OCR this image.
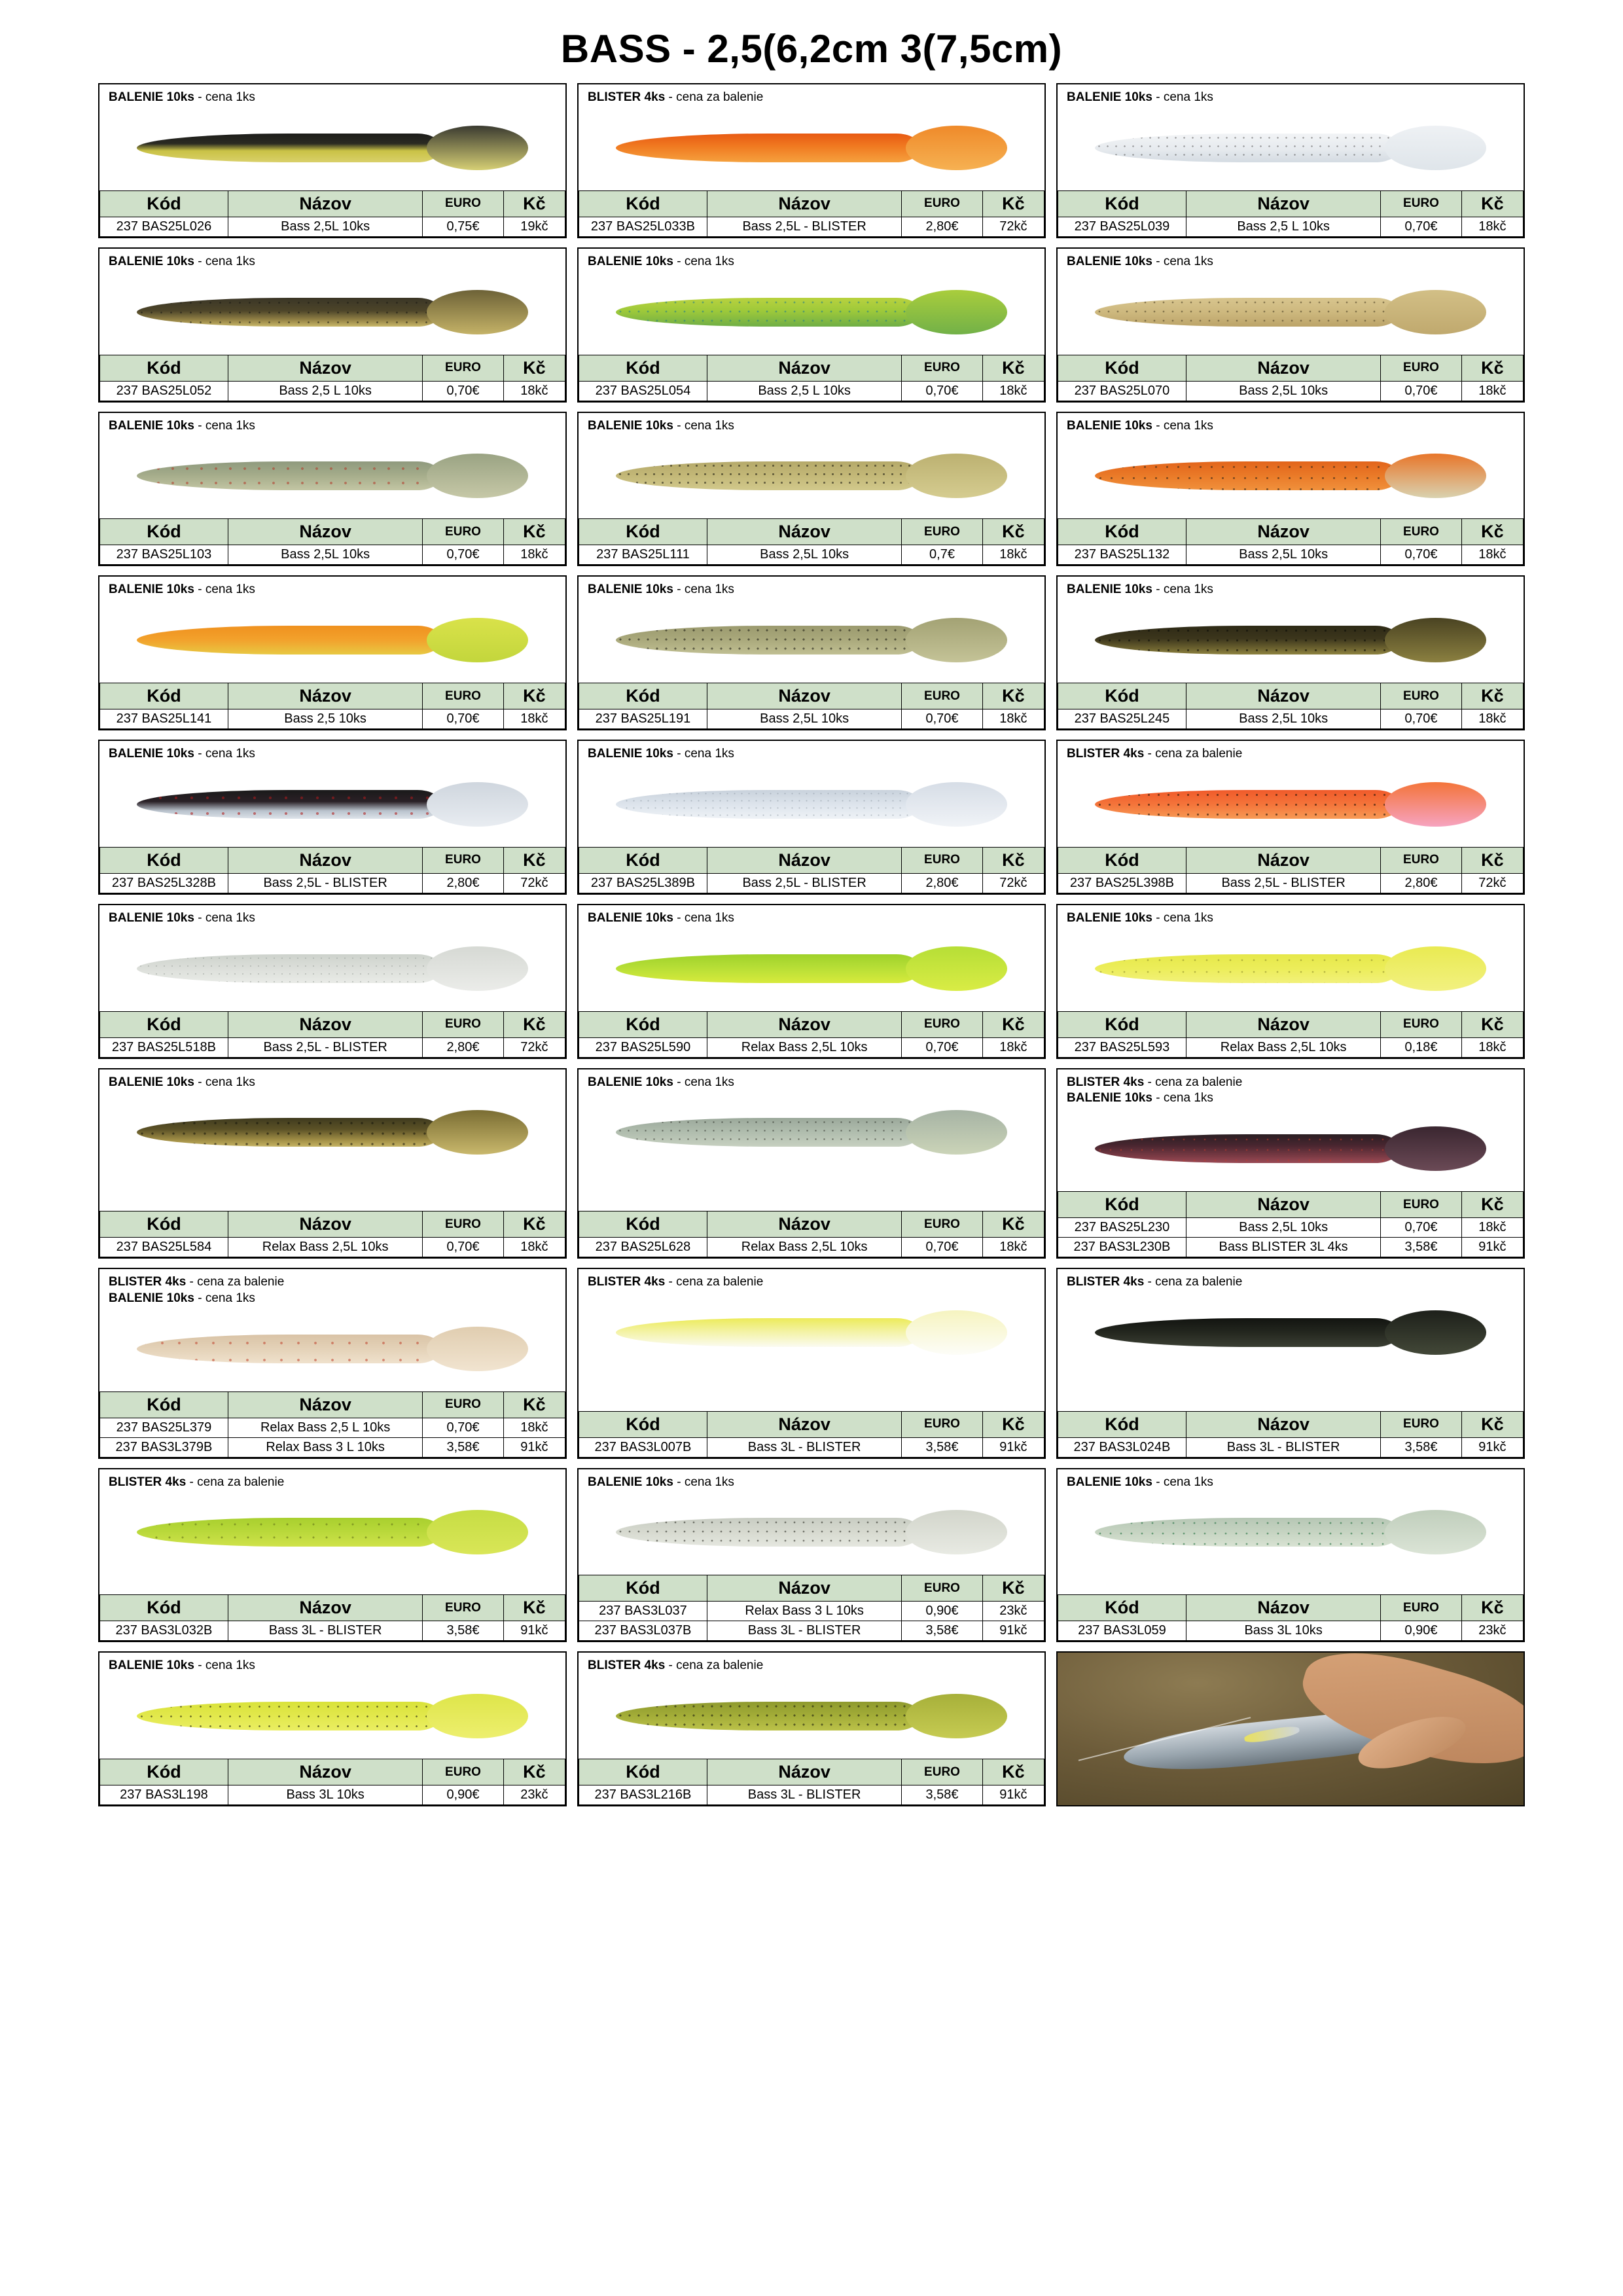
BASS - 2,5(6,2cm 3(7,5cm)
BALENIE 10ks - cena 1ks
Kód	Názov	EURO	Kč
237 BAS25L026	Bass 2,5L 10ks	0,75€	19kč
BLISTER 4ks - cena za balenie
Kód	Názov	EURO	Kč
237 BAS25L033B	Bass 2,5L - BLISTER	2,80€	72kč
BALENIE 10ks - cena 1ks
Kód	Názov	EURO	Kč
237 BAS25L039	Bass 2,5 L 10ks	0,70€	18kč
BALENIE 10ks - cena 1ks
Kód	Názov	EURO	Kč
237 BAS25L052	Bass 2,5 L 10ks	0,70€	18kč
BALENIE 10ks - cena 1ks
Kód	Názov	EURO	Kč
237 BAS25L054	Bass 2,5 L 10ks	0,70€	18kč
BALENIE 10ks - cena 1ks
Kód	Názov	EURO	Kč
237 BAS25L070	Bass 2,5L 10ks	0,70€	18kč
BALENIE 10ks - cena 1ks
Kód	Názov	EURO	Kč
237 BAS25L103	Bass 2,5L 10ks	0,70€	18kč
BALENIE 10ks - cena 1ks
Kód	Názov	EURO	Kč
237 BAS25L111	Bass 2,5L 10ks	0,7€	18kč
BALENIE 10ks - cena 1ks
Kód	Názov	EURO	Kč
237 BAS25L132	Bass 2,5L 10ks	0,70€	18kč
BALENIE 10ks - cena 1ks
Kód	Názov	EURO	Kč
237 BAS25L141	Bass 2,5 10ks	0,70€	18kč
BALENIE 10ks - cena 1ks
Kód	Názov	EURO	Kč
237 BAS25L191	Bass 2,5L 10ks	0,70€	18kč
BALENIE 10ks - cena 1ks
Kód	Názov	EURO	Kč
237 BAS25L245	Bass 2,5L 10ks	0,70€	18kč
BALENIE 10ks - cena 1ks
Kód	Názov	EURO	Kč
237 BAS25L328B	Bass 2,5L - BLISTER	2,80€	72kč
BALENIE 10ks - cena 1ks
Kód	Názov	EURO	Kč
237 BAS25L389B	Bass 2,5L - BLISTER	2,80€	72kč
BLISTER 4ks - cena za balenie
Kód	Názov	EURO	Kč
237 BAS25L398B	Bass 2,5L - BLISTER	2,80€	72kč
BALENIE 10ks - cena 1ks
Kód	Názov	EURO	Kč
237 BAS25L518B	Bass 2,5L - BLISTER	2,80€	72kč
BALENIE 10ks - cena 1ks
Kód	Názov	EURO	Kč
237 BAS25L590	Relax Bass 2,5L 10ks	0,70€	18kč
BALENIE 10ks - cena 1ks
Kód	Názov	EURO	Kč
237 BAS25L593	Relax Bass 2,5L 10ks	0,18€	18kč
BALENIE 10ks - cena 1ks
Kód	Názov	EURO	Kč
237 BAS25L584	Relax Bass 2,5L 10ks	0,70€	18kč
BALENIE 10ks - cena 1ks
Kód	Názov	EURO	Kč
237 BAS25L628	Relax Bass 2,5L 10ks	0,70€	18kč
BLISTER 4ks - cena za balenie
BALENIE 10ks - cena 1ks
Kód	Názov	EURO	Kč
237 BAS25L230	Bass 2,5L 10ks	0,70€	18kč
237 BAS3L230B	Bass BLISTER 3L 4ks	3,58€	91kč
BLISTER 4ks - cena za balenie
BALENIE 10ks - cena 1ks
Kód	Názov	EURO	Kč
237 BAS25L379	Relax Bass 2,5 L 10ks	0,70€	18kč
237 BAS3L379B	Relax Bass 3 L 10ks	3,58€	91kč
BLISTER 4ks - cena za balenie
Kód	Názov	EURO	Kč
237 BAS3L007B	Bass 3L - BLISTER	3,58€	91kč
BLISTER 4ks - cena za balenie
Kód	Názov	EURO	Kč
237 BAS3L024B	Bass 3L - BLISTER	3,58€	91kč
BLISTER 4ks - cena za balenie
Kód	Názov	EURO	Kč
237 BAS3L032B	Bass 3L - BLISTER	3,58€	91kč
BALENIE 10ks - cena 1ks
Kód	Názov	EURO	Kč
237 BAS3L037	Relax Bass 3 L 10ks	0,90€	23kč
237 BAS3L037B	Bass 3L - BLISTER	3,58€	91kč
BALENIE 10ks - cena 1ks
Kód	Názov	EURO	Kč
237 BAS3L059	Bass 3L 10ks	0,90€	23kč
BALENIE 10ks - cena 1ks
Kód	Názov	EURO	Kč
237 BAS3L198	Bass 3L 10ks	0,90€	23kč
BLISTER 4ks - cena za balenie
Kód	Názov	EURO	Kč
237 BAS3L216B	Bass 3L - BLISTER	3,58€	91kč
